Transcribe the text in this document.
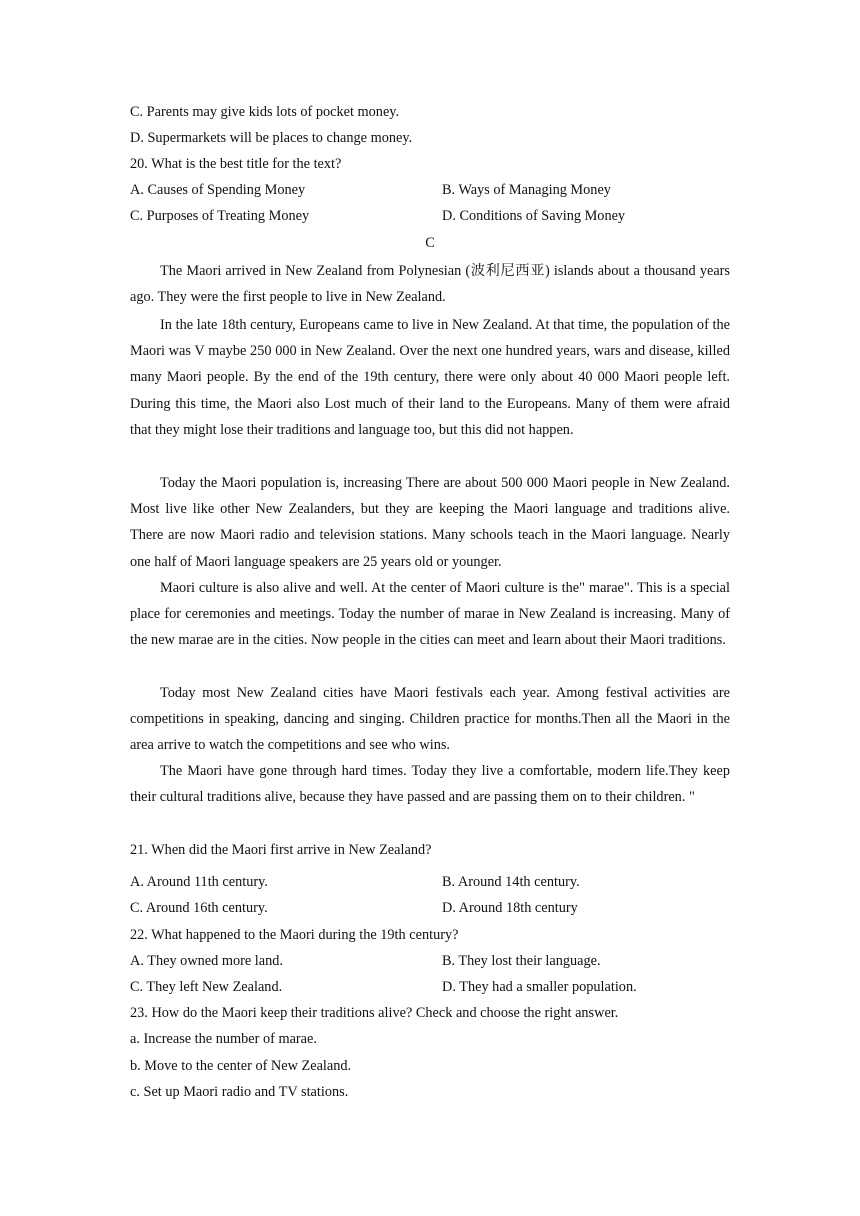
C. Parents may give kids lots of pocket money.
D. Supermarkets will be places to change money.
20. What is the best title for the text?
A. Causes of Spending Money	B. Ways of Managing Money
C. Purposes of Treating Money	D. Conditions of Saving Money
C

The Maori arrived in New Zealand from Polynesian (波利尼西亚) islands about a thousand years ago. They were the first people to live in New Zealand.

In the late 18th century, Europeans came to live in New Zealand. At that time, the population of the Maori was V maybe 250 000 in New Zealand. Over the next one hundred years, wars and disease, killed many Maori people. By the end of the 19th century, there were only about 40 000 Maori people left. During this time, the Maori also Lost much of their land to the Europeans. Many of them were afraid that they might lose their traditions and language too, but this did not happen.

Today the Maori population is, increasing There are about 500 000 Maori people in New Zealand. Most live like other New Zealanders, but they are keeping the Maori language and traditions alive. There are now Maori radio and television stations. Many schools teach in the Maori language. Nearly one half of Maori language speakers are 25 years old or younger.

Maori culture is also alive and well. At the center of Maori culture is the" marae". This is a special place for ceremonies and meetings. Today the number of marae in New Zealand is increasing. Many of the new marae are in the cities. Now people in the cities can meet and learn about their Maori traditions.

Today most New Zealand cities have Maori festivals each year. Among festival activities are competitions in speaking, dancing and singing. Children practice for months.Then all the Maori in the area arrive to watch the competitions and see who wins.

The Maori have gone through hard times. Today they live a comfortable, modern life.They keep their cultural traditions alive, because they have passed and are passing them on to their children. "

21. When did the Maori first arrive in New Zealand?
A. Around 11th century.	B. Around 14th century.
C. Around 16th century.	D. Around 18th century
22. What happened to the Maori during the 19th century?
A. They owned more land.	B. They lost their language.
C. They left New Zealand.	D. They had a smaller population.
23. How do the Maori keep their traditions alive? Check and choose the right answer.
a. Increase the number of marae.
b. Move to the center of New Zealand.
c. Set up Maori radio and TV stations.
